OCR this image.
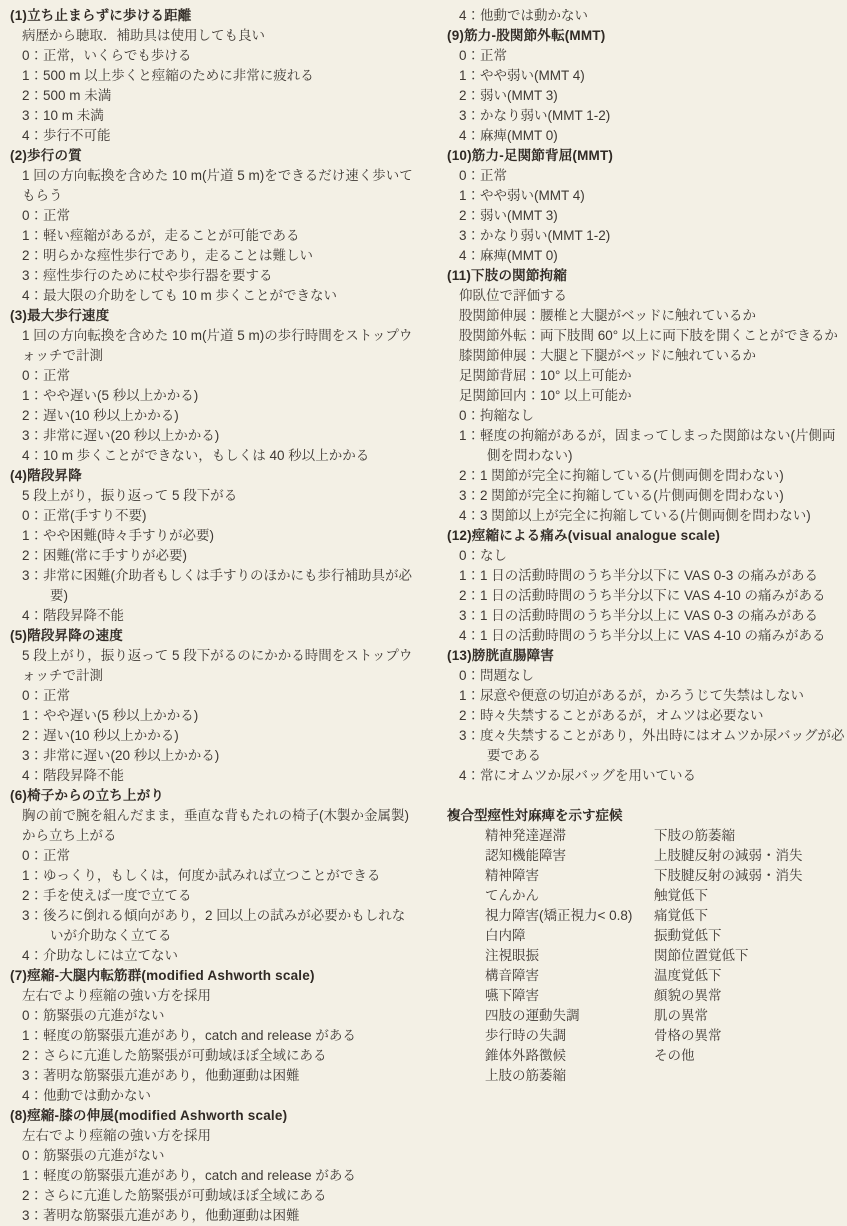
(1)立ち止まらずに歩ける距離
病歴から聴取．補助具は使用しても良い
0：正常，いくらでも歩ける
1：500 m 以上歩くと痙縮のために非常に疲れる
2：500 m 未満
3：10 m 未満
4：歩行不可能
(2)歩行の質
1 回の方向転換を含めた 10 m(片道 5 m)をできるだけ速く歩いてもらう
0：正常
1：軽い痙縮があるが，走ることが可能である
2：明らかな痙性歩行であり，走ることは難しい
3：痙性歩行のために杖や歩行器を要する
4：最大限の介助をしても 10 m 歩くことができない
(3)最大歩行速度
1 回の方向転換を含めた 10 m(片道 5 m)の歩行時間をストップウォッチで計測
0：正常
1：やや遅い(5 秒以上かかる)
2：遅い(10 秒以上かかる)
3：非常に遅い(20 秒以上かかる)
4：10 m 歩くことができない，もしくは 40 秒以上かかる
(4)階段昇降
5 段上がり，振り返って 5 段下がる
0：正常(手すり不要)
1：やや困難(時々手すりが必要)
2：困難(常に手すりが必要)
3：非常に困難(介助者もしくは手すりのほかにも歩行補助具が必要)
4：階段昇降不能
(5)階段昇降の速度
5 段上がり，振り返って 5 段下がるのにかかる時間をストップウォッチで計測
0：正常
1：やや遅い(5 秒以上かかる)
2：遅い(10 秒以上かかる)
3：非常に遅い(20 秒以上かかる)
4：階段昇降不能
(6)椅子からの立ち上がり
胸の前で腕を組んだまま，垂直な背もたれの椅子(木製か金属製)から立ち上がる
0：正常
1：ゆっくり，もしくは，何度か試みれば立つことができる
2：手を使えば一度で立てる
3：後ろに倒れる傾向があり，2 回以上の試みが必要かもしれないが介助なく立てる
4：介助なしには立てない
(7)痙縮-大腿内転筋群(modified Ashworth scale)
左右でより痙縮の強い方を採用
0：筋緊張の亢進がない
1：軽度の筋緊張亢進があり，catch and release がある
2：さらに亢進した筋緊張が可動域ほぼ全域にある
3：著明な筋緊張亢進があり，他動運動は困難
4：他動では動かない
(8)痙縮-膝の伸展(modified Ashworth scale)
左右でより痙縮の強い方を採用
0：筋緊張の亢進がない
1：軽度の筋緊張亢進があり，catch and release がある
2：さらに亢進した筋緊張が可動域ほぼ全域にある
3：著明な筋緊張亢進があり，他動運動は困難
4：他動では動かない
(9)筋力-股関節外転(MMT)
0：正常
1：やや弱い(MMT 4)
2：弱い(MMT 3)
3：かなり弱い(MMT 1-2)
4：麻痺(MMT 0)
(10)筋力-足関節背屈(MMT)
0：正常
1：やや弱い(MMT 4)
2：弱い(MMT 3)
3：かなり弱い(MMT 1-2)
4：麻痺(MMT 0)
(11)下肢の関節拘縮
仰臥位で評価する
股関節伸展：腰椎と大腿がベッドに触れているか
股関節外転：両下肢間 60° 以上に両下肢を開くことができるか
膝関節伸展：大腿と下腿がベッドに触れているか
足関節背屈：10° 以上可能か
足関節回内：10° 以上可能か
0：拘縮なし
1：軽度の拘縮があるが，固まってしまった関節はない(片側両側を問わない)
2：1 関節が完全に拘縮している(片側両側を問わない)
3：2 関節が完全に拘縮している(片側両側を問わない)
4：3 関節以上が完全に拘縮している(片側両側を問わない)
(12)痙縮による痛み(visual analogue scale)
0：なし
1：1 日の活動時間のうち半分以下に VAS 0-3 の痛みがある
2：1 日の活動時間のうち半分以下に VAS 4-10 の痛みがある
3：1 日の活動時間のうち半分以上に VAS 0-3 の痛みがある
4：1 日の活動時間のうち半分以上に VAS 4-10 の痛みがある
(13)膀胱直腸障害
0：問題なし
1：尿意や便意の切迫があるが，かろうじて失禁はしない
2：時々失禁することがあるが，オムツは必要ない
3：度々失禁することがあり，外出時にはオムツか尿バッグが必要である
4：常にオムツか尿バッグを用いている
複合型痙性対麻痺を示す症候
精神発達遅滞	下肢の筋萎縮
認知機能障害	上肢腱反射の減弱・消失
精神障害	下肢腱反射の減弱・消失
てんかん	触覚低下
視力障害(矯正視力< 0.8)	痛覚低下
白内障	振動覚低下
注視眼振	関節位置覚低下
構音障害	温度覚低下
嚥下障害	顔貌の異常
四肢の運動失調	肌の異常
歩行時の失調	骨格の異常
錐体外路徴候	その他
上肢の筋萎縮
